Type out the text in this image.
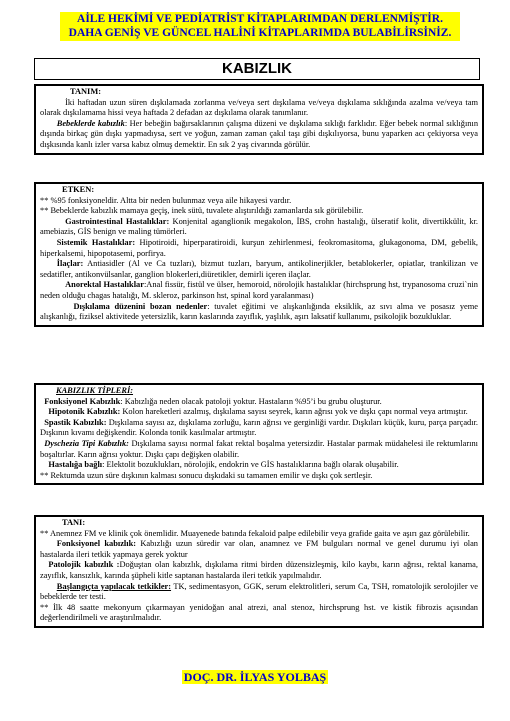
AİLE HEKİMİ VE PEDİATRİST KİTAPLARIMDAN DERLENMİŞTİR.
DAHA GENİŞ VE GÜNCEL HALİNİ KİTAPLARIMDA BULABİLİRSİNİZ.
KABIZLIK

TANIM:

   İki haftadan uzun süren dışkılamada zorlanma ve/veya sert dışkılama ve/veya dışkılama sıklığında azalma ve/veya tam olarak dışkılamama hissi veya haftada 2 defadan az dışkılama olarak tanımlanır.

  Bebeklerde kabızlık: Her bebeğin bağırsaklarının çalışma düzeni ve dışkılama sıklığı farklıdır. Eğer bebek normal sıklığının dışında birkaç gün dışkı yapmadıysa, sert ve yoğun, zaman zaman çakıl taşı gibi dışkılıyorsa, bunu yaparken acı çekiyorsa veya dışkısında kanlı izler varsa kabız olmuş demektir. En sık 2 yaş civarında görülür.

ETKEN:

** %95 fonksiyoneldir. Altta bir neden bulunmaz veya aile hikayesi vardır.

** Bebeklerde kabızlık mamaya geçiş, inek sütü, tuvalete alıştırıldığı zamanlarda sık görülebilir.

   Gastrointestinal Hastalıklar: Konjenital aganglionik megakolon, İBS, crohn hastalığı, ülseratif kolit, divertikkülit, kr. amebiazis, GİS benign ve maling tümörleri.

  Sistemik Hastalıklar: Hipotiroidi, hiperparatiroidi, kurşun zehirlenmesi, feokromasitoma, glukagonoma, DM, gebelik, hiperkalsemi, hipopotasemi, porfirya.

  İlaçlar: Antiasidler (Al ve Ca tuzları), bizmut tuzları, baryum, antikolinerjikler, betablokerler, opiatlar, trankilizan ve sedatifler, antikonvülsanlar, ganglion blokerleri,diüretikler, demirli içeren ilaçlar.

   Anorektal Hastalıklar:Anal fissür, fistül ve ülser, hemoroid, nörolojik hastalıklar (hirchsprung hst, trypanosoma cruzi`nin neden olduğu chagas hatalığı, M. skleroz, parkinson hst, spinal kord yaralanması)

    Dışkılama düzenini bozan nedenler: tuvalet eğitimi ve alışkanlığında eksiklik, az sıvı alma ve posasız yeme alışkanlığı, fiziksel aktivitede yetersizlik, karın kaslarında zayıflık, yaşlılık, aşırı laksatif kullanımı, psikolojik bozukluklar.

KABIZLIK TİPLERİ:

 Fonksiyonel Kabızlık: Kabızlığa neden olacak patoloji yoktur. Hastaların %95’i bu grubu oluşturur.

 Hipotonik Kabızlık: Kolon hareketleri azalmış, dışkılama sayısı seyrek, karın ağrısı yok ve dışkı çapı normal veya artmıştır.

 Spastik Kabızlık: Dışkılama sayısı az, dışkılama zorluğu, karın ağrısı ve gerginliği vardır. Dışkıları küçük, kuru, parça parçadır. Dışkının kıvamı değişkendir. Kolonda tonik kasılmalar artmıştır.

 Dyschezia Tipi Kabızlık: Dışkılama sayısı normal fakat rektal boşalma yetersizdir. Hastalar parmak müdahelesi ile rektumlarını boşaltırlar. Karın ağrısı yoktur. Dışkı çapı değişken olabilir.

 Hastalığa bağlı: Elektolit bozuklukları, nörolojik, endokrin ve GİS hastalıklarına bağlı olarak oluşabilir.

** Rektumda uzun süre dışkının kalması sonucu dışkıdaki su tamamen emilir ve dışkı çok sertleşir.

TANI:

** Anemnez FM ve klinik çok önemlidir. Muayenede batında fekaloid palpe edilebilir veya grafide gaita ve aşırı gaz görülebilir.

  Fonksiyonel kabızlık: Kabızlığı uzun süredir var olan, anamnez ve FM bulguları normal ve genel durumu iyi olan hastalarda ileri tetkik yapmaya gerek yoktur

 Patolojik kabızlık :Doğuştan olan kabızlık, dışkılama ritmi birden düzensizleşmiş, kilo kaybı, karın ağrısı, rektal kanama, zayıflık, kansızlık, karında şüpheli kitle saptanan hastalarda ileri tetkik yapılmalıdır.

  Başlangıçta yapılacak tetkikler: TK, sedimentasyon, GGK, serum elektrolitleri, serum Ca, TSH, romatolojik serolojiler ve bebeklerde ter testi.

** İlk 48 saatte mekonyum çıkarmayan yenidoğan anal atrezi, anal stenoz, hirchsprung hst. ve kistik fibrozis açısından değerlendirilmeli ve araştırılmalıdır.

DOÇ. DR. İLYAS YOLBAŞ
